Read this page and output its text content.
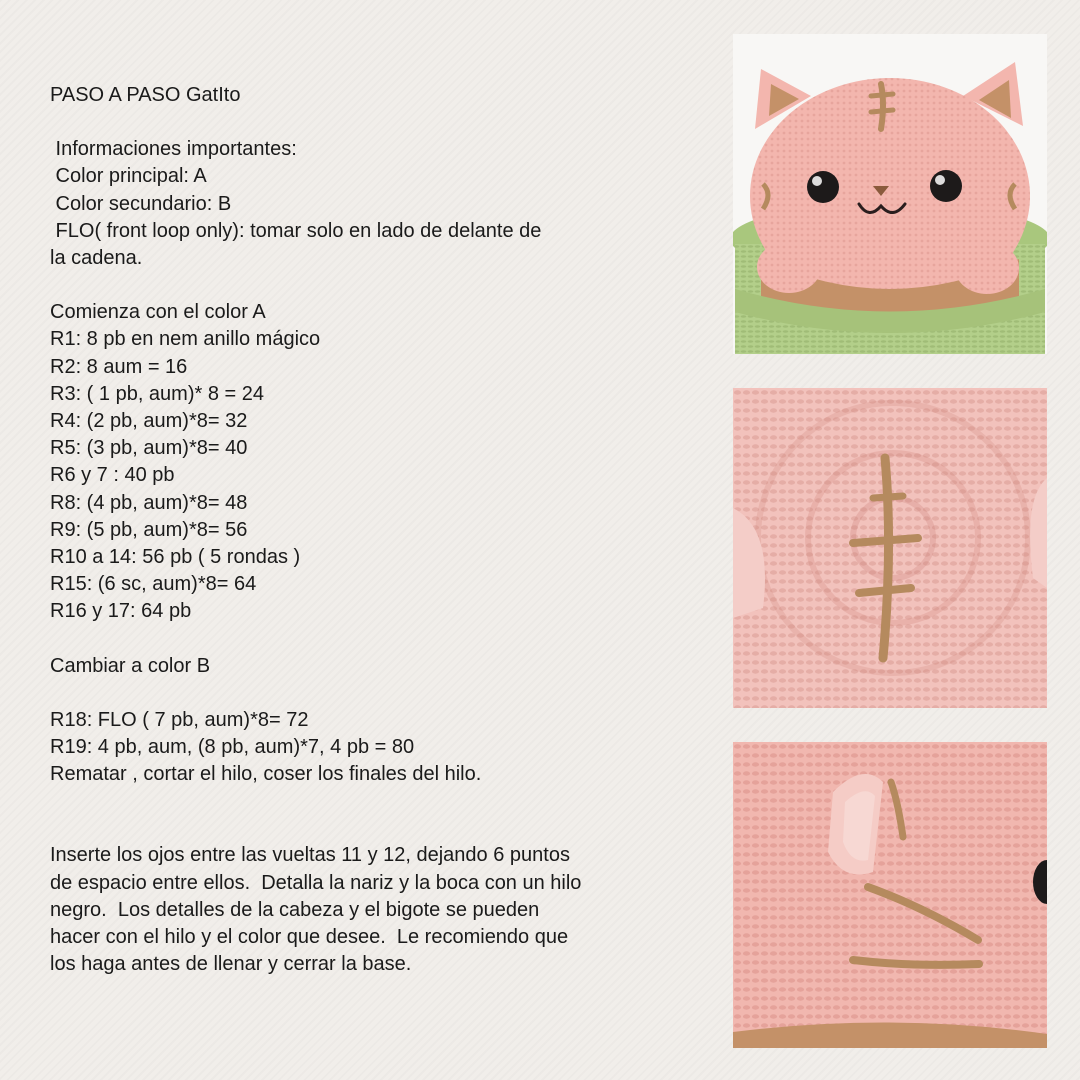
PASO A PASO GatIto
Informaciones importantes:
Color principal: A
Color secundario: B
FLO( front loop only): tomar solo en lado de delante de
la cadena.
Comienza con el color A
R1: 8 pb en nem anillo mágico
R2: 8 aum = 16
R3: ( 1 pb, aum)* 8 = 24
R4: (2 pb, aum)*8= 32
R5: (3 pb, aum)*8= 40
R6 y 7 : 40 pb
R8: (4 pb, aum)*8= 48
R9: (5 pb, aum)*8= 56
R10 a 14: 56 pb ( 5 rondas )
R15: (6 sc, aum)*8= 64
R16 y 17: 64 pb
Cambiar a color B
R18: FLO ( 7 pb, aum)*8= 72
R19: 4 pb, aum, (8 pb, aum)*7, 4 pb = 80
Rematar , cortar el hilo, coser los finales del hilo.
Inserte los ojos entre las vueltas 11 y 12, dejando 6 puntos
de espacio entre ellos.  Detalla la nariz y la boca con un hilo
negro.  Los detalles de la cabeza y el bigote se pueden
hacer con el hilo y el color que desee.  Le recomiendo que
los haga antes de llenar y cerrar la base.
